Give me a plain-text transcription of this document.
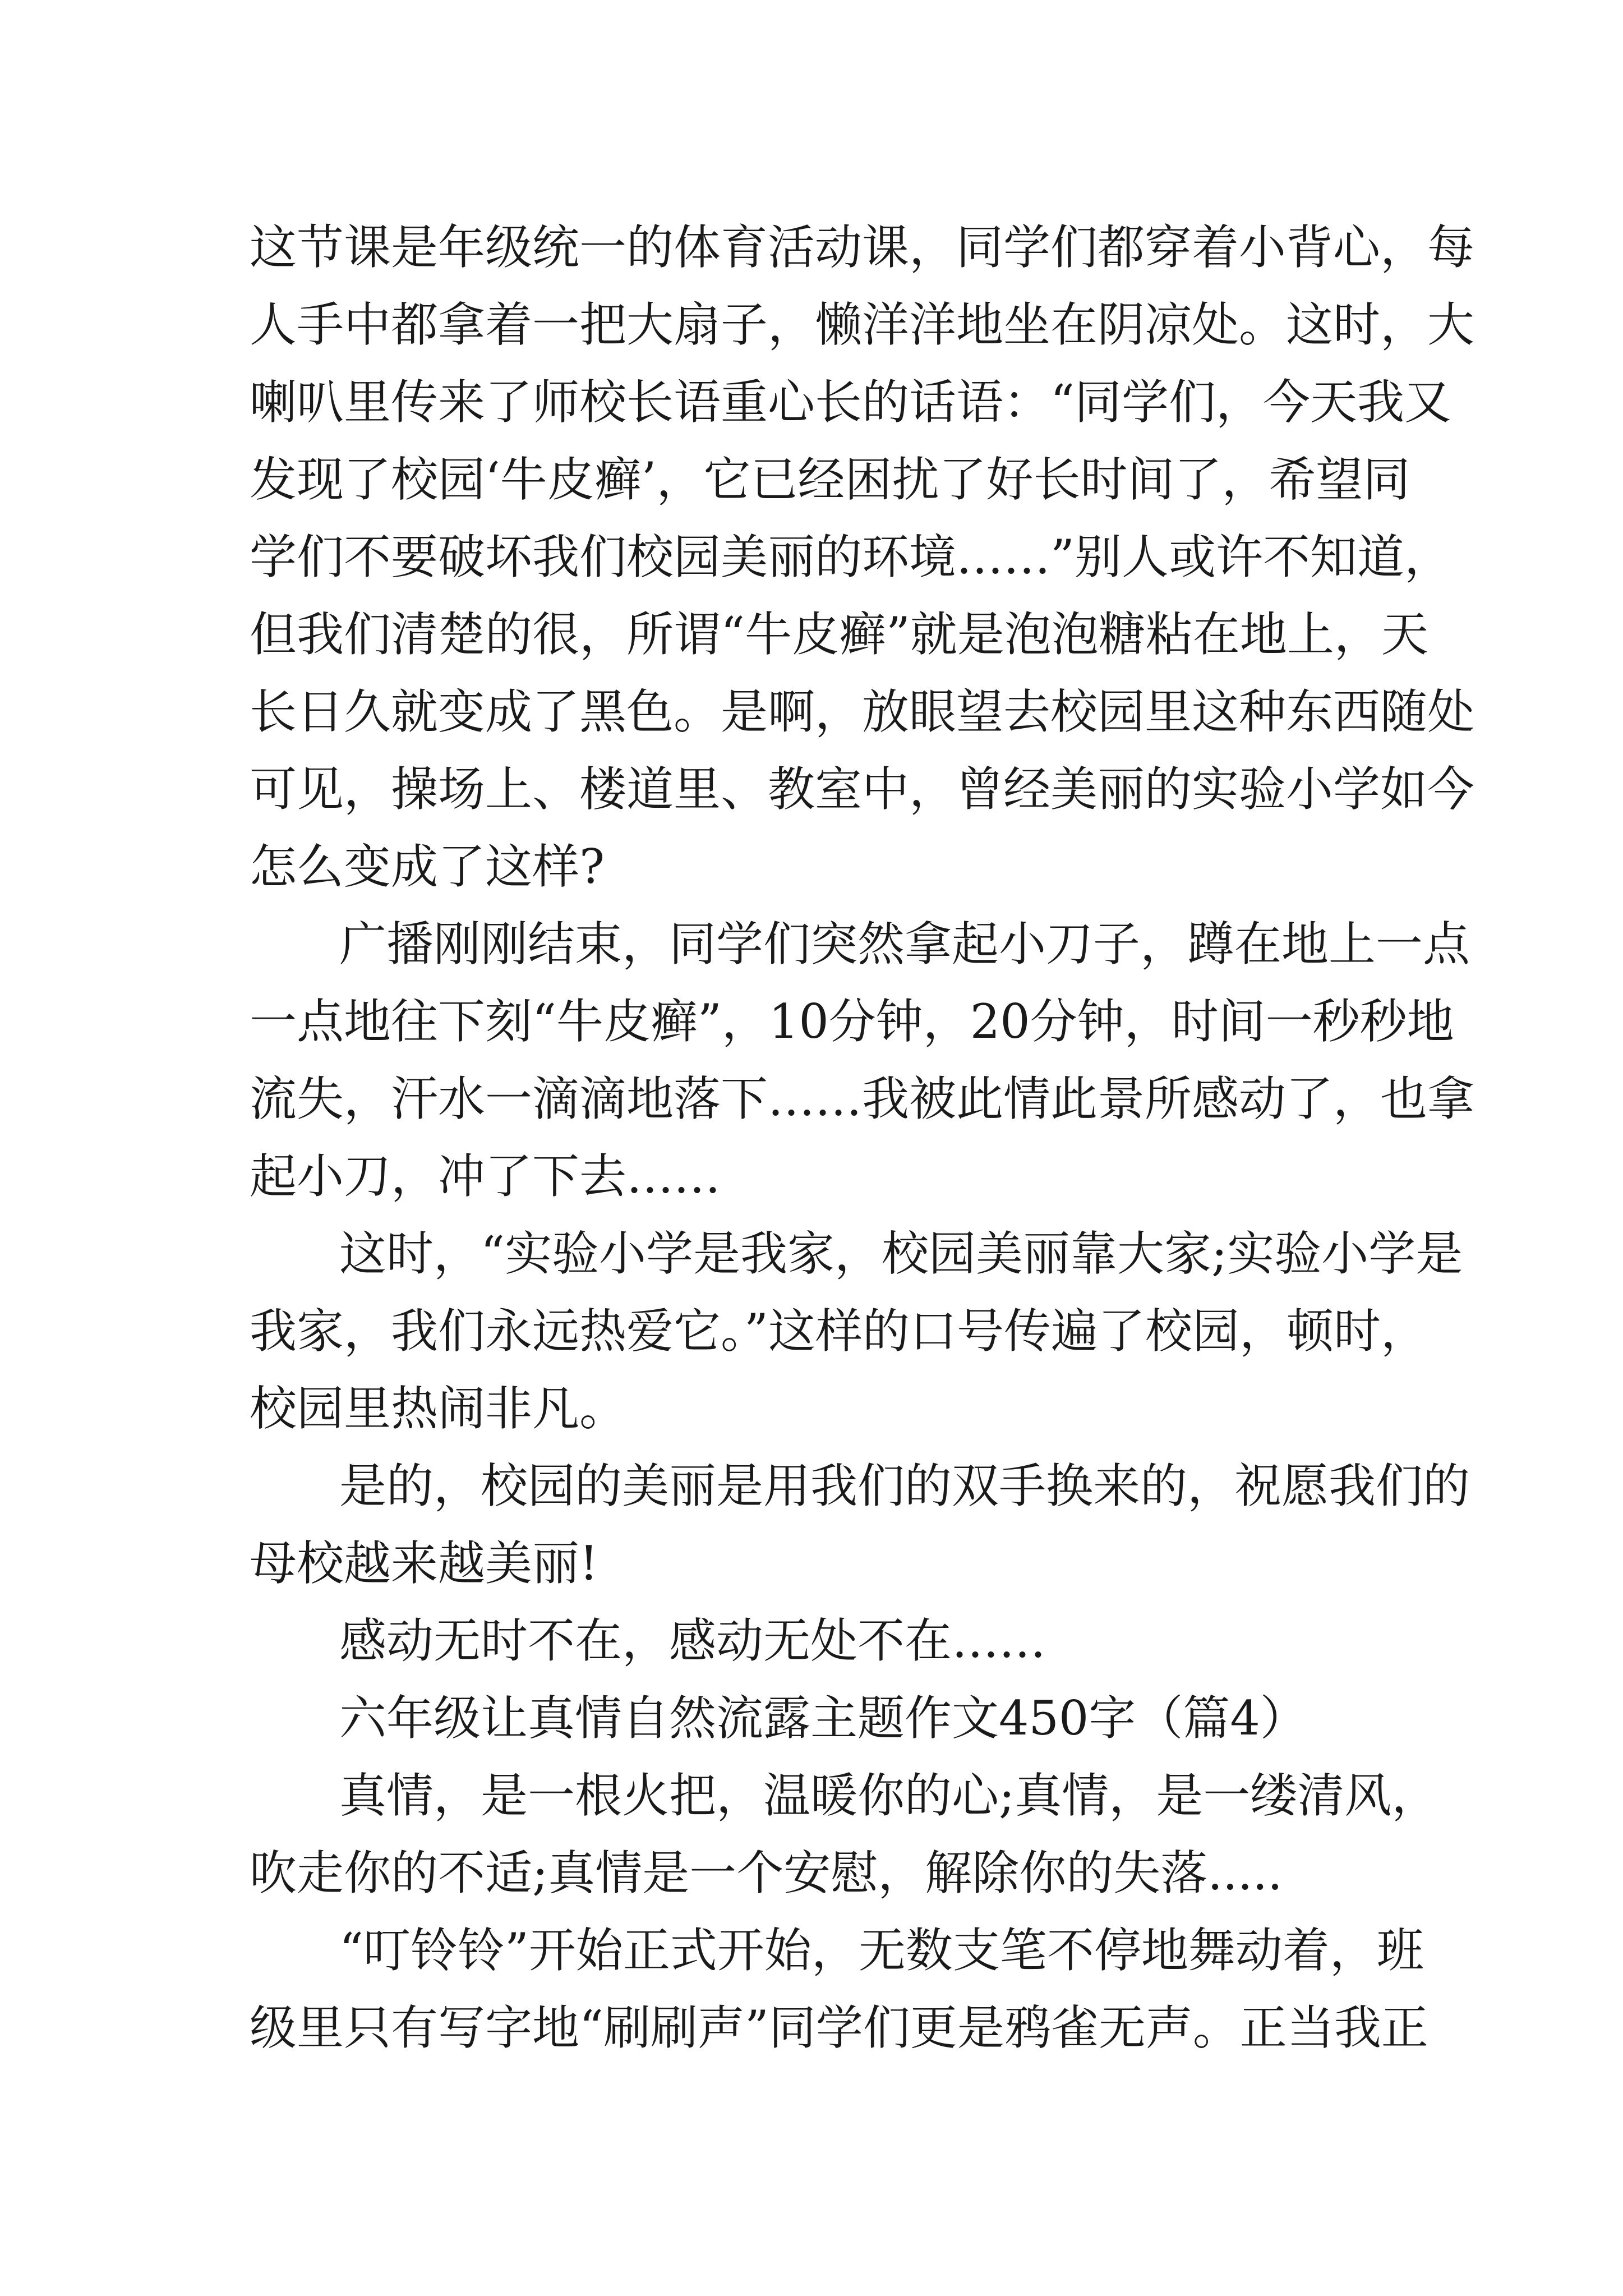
这节课是年级统一的体育活动课，同学们都穿着小背心，每
人手中都拿着一把大扇子，懒洋洋地坐在阴凉处。这时，大
喇叭里传来了师校长语重心长的话语：“同学们，今天我又
发现了校园‘牛皮癣’，它已经困扰了好长时间了，希望同
学们不要破坏我们校园美丽的环境……”别人或许不知道，
但我们清楚的很，所谓“牛皮癣”就是泡泡糖粘在地上，天
长日久就变成了黑色。是啊，放眼望去校园里这种东西随处
可见，操场上、楼道里、教室中，曾经美丽的实验小学如今
怎么变成了这样?
广播刚刚结束，同学们突然拿起小刀子，蹲在地上一点
一点地往下刻“牛皮癣”，10分钟，20分钟，时间一秒秒地
流失，汗水一滴滴地落下……我被此情此景所感动了，也拿
起小刀，冲了下去……
这时，“实验小学是我家，校园美丽靠大家;实验小学是
我家，我们永远热爱它。”这样的口号传遍了校园，顿时，
校园里热闹非凡。
是的，校园的美丽是用我们的双手换来的，祝愿我们的
母校越来越美丽!
感动无时不在，感动无处不在……
六年级让真情自然流露主题作文450字（篇4）
真情，是一根火把，温暖你的心;真情，是一缕清风，
吹走你的不适;真情是一个安慰，解除你的失落.....
“叮铃铃”开始正式开始，无数支笔不停地舞动着，班
级里只有写字地“刷刷声”同学们更是鸦雀无声。正当我正
